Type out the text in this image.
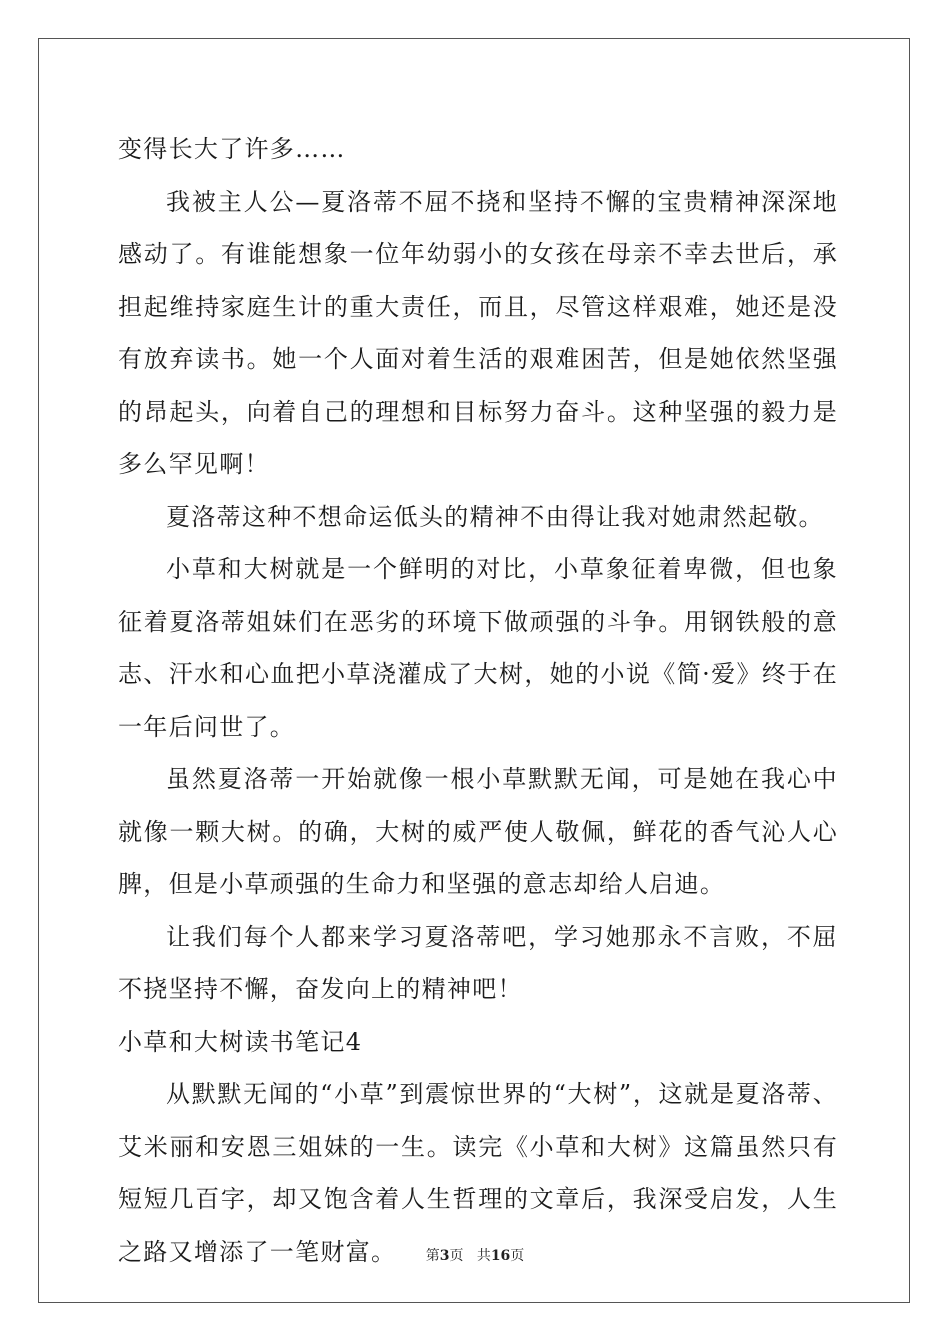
变得长大了许多……

我被主人公—夏洛蒂不屈不挠和坚持不懈的宝贵精神深深地感动了。有谁能想象一位年幼弱小的女孩在母亲不幸去世后，承担起维持家庭生计的重大责任，而且，尽管这样艰难，她还是没有放弃读书。她一个人面对着生活的艰难困苦，但是她依然坚强的昂起头，向着自己的理想和目标努力奋斗。这种坚强的毅力是多么罕见啊！

夏洛蒂这种不想命运低头的精神不由得让我对她肃然起敬。

小草和大树就是一个鲜明的对比，小草象征着卑微，但也象征着夏洛蒂姐妹们在恶劣的环境下做顽强的斗争。用钢铁般的意志、汗水和心血把小草浇灌成了大树，她的小说《简·爱》终于在一年后问世了。

虽然夏洛蒂一开始就像一根小草默默无闻，可是她在我心中就像一颗大树。的确，大树的威严使人敬佩，鲜花的香气沁人心脾，但是小草顽强的生命力和坚强的意志却给人启迪。

让我们每个人都来学习夏洛蒂吧，学习她那永不言败，不屈不挠坚持不懈，奋发向上的精神吧！

小草和大树读书笔记4

从默默无闻的“小草”到震惊世界的“大树”，这就是夏洛蒂、艾米丽和安恩三姐妹的一生。读完《小草和大树》这篇虽然只有短短几百字，却又饱含着人生哲理的文章后，我深受启发，人生之路又增添了一笔财富。	第3页 共16页
